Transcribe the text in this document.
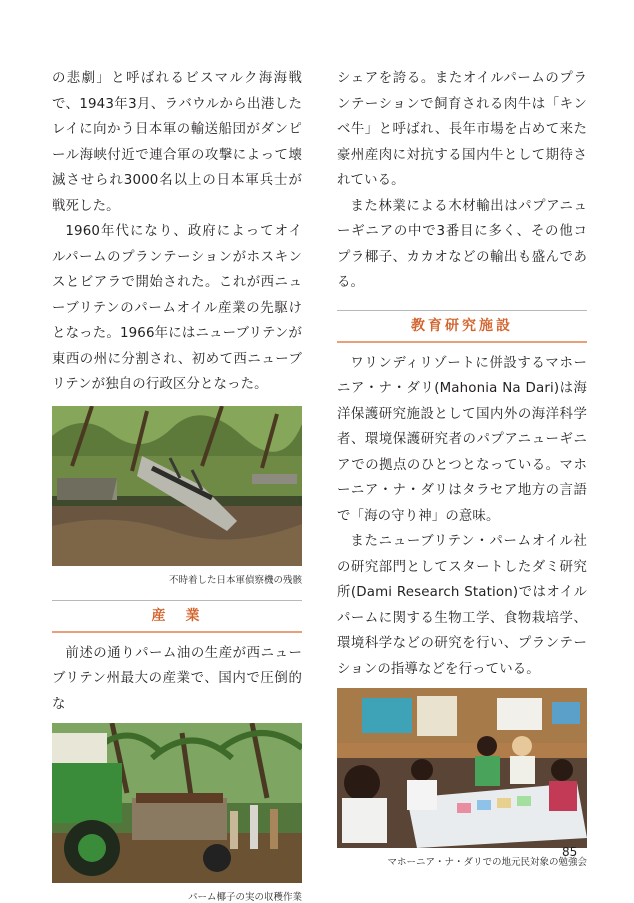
の悲劇」と呼ばれるビスマルク海海戦で、1943年3月、ラバウルから出港したレイに向かう日本軍の輸送船団がダンピール海峡付近で連合軍の攻撃によって壊滅させられ3000名以上の日本軍兵士が戦死した。

1960年代になり、政府によってオイルパームのプランテーションがホスキンスとビアラで開始された。これが西ニューブリテンのパームオイル産業の先駆けとなった。1966年にはニューブリテンが東西の州に分割され、初めて西ニューブリテンが独自の行政区分となった。

不時着した日本軍偵察機の残骸
産　業

前述の通りパーム油の生産が西ニューブリテン州最大の産業で、国内で圧倒的な

パーム椰子の実の収穫作業

シェアを誇る。またオイルパームのプランテーションで飼育される肉牛は「キンベ牛」と呼ばれ、長年市場を占めて来た豪州産肉に対抗する国内牛として期待されている。

また林業による木材輸出はパプアニューギニアの中で3番目に多く、その他コプラ椰子、カカオなどの輸出も盛んである。

教育研究施設

ワリンディリゾートに併設するマホーニア・ナ・ダリ(Mahonia Na Dari)は海洋保護研究施設として国内外の海洋科学者、環境保護研究者のパプアニューギニアでの拠点のひとつとなっている。マホーニア・ナ・ダリはタラセア地方の言語で「海の守り神」の意味。

またニューブリテン・パームオイル社の研究部門としてスタートしたダミ研究所(Dami Research Station)ではオイルパームに関する生物工学、食物栽培学、環境科学などの研究を行い、プランテーションの指導などを行っている。

マホーニア・ナ・ダリでの地元民対象の勉強会
85
